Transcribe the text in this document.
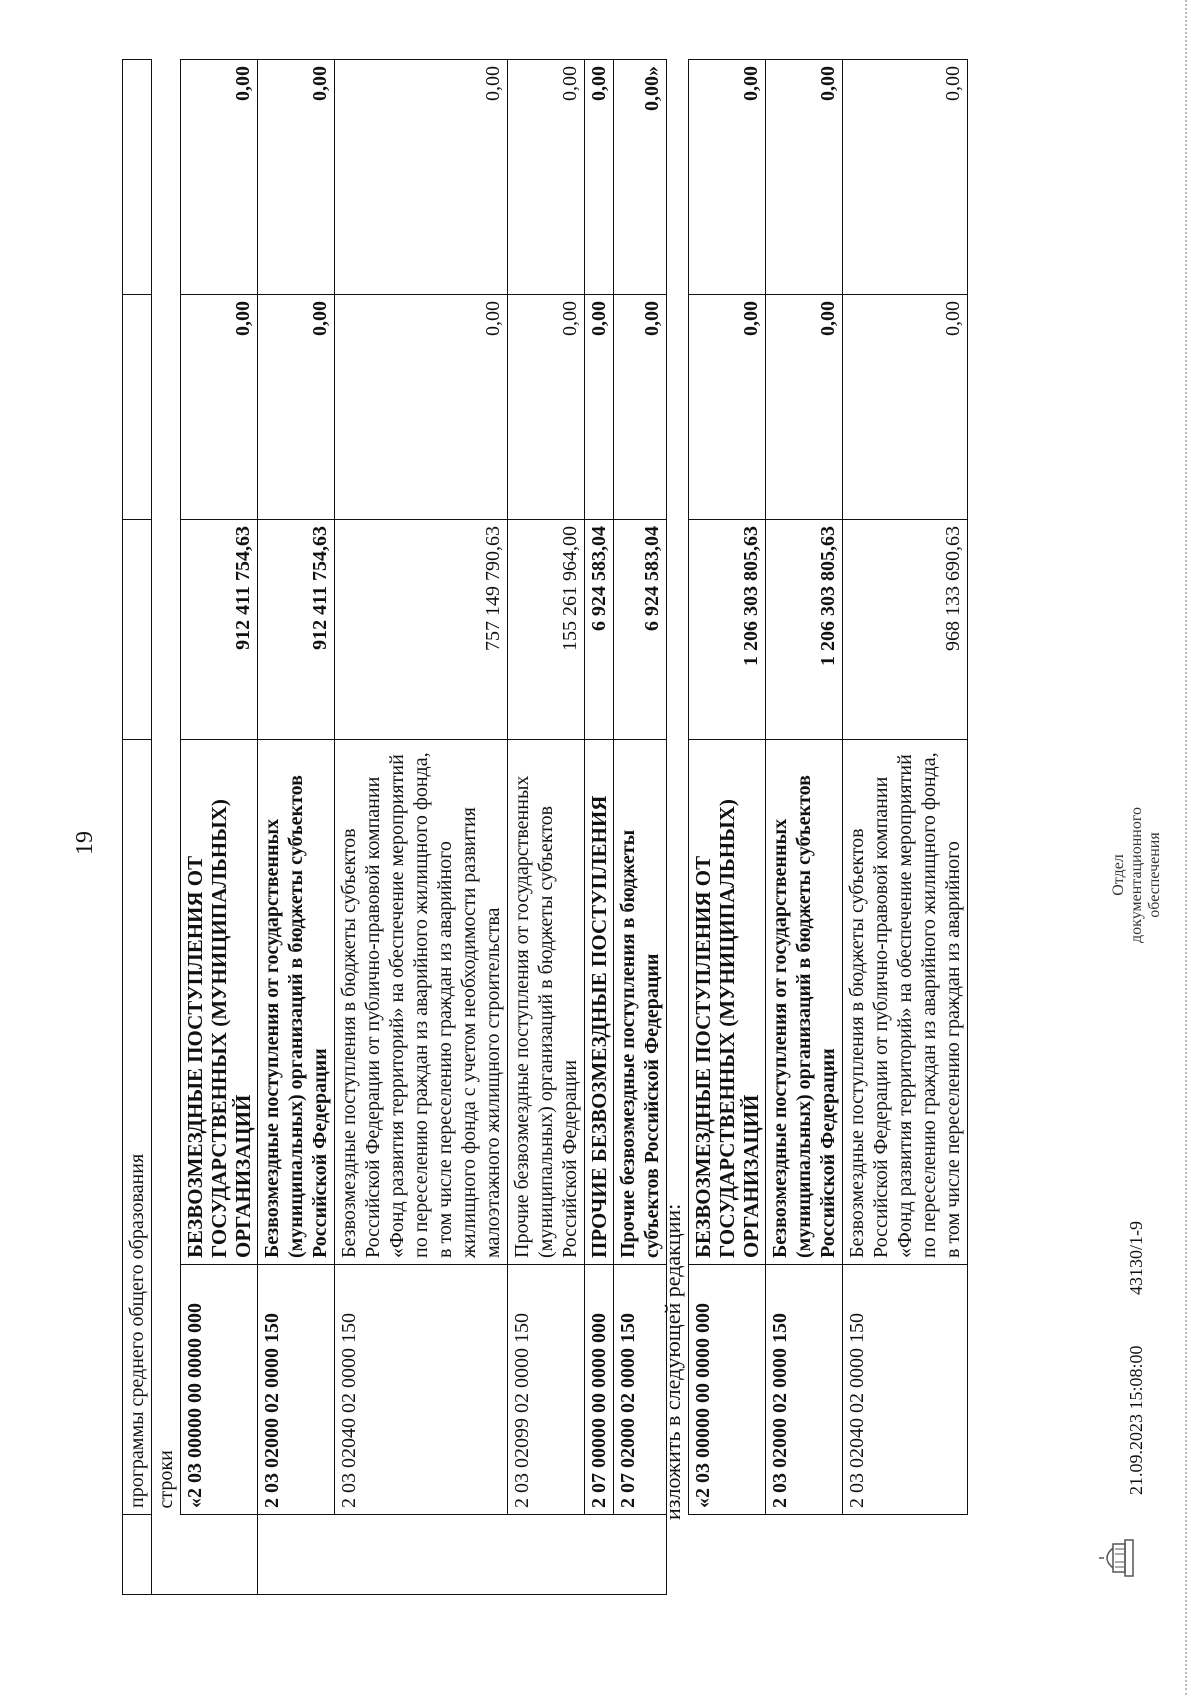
19
	программы среднего общего образования				
	строки				
	«2 03 00000 00 0000 000	БЕЗВОЗМЕЗДНЫЕ ПОСТУПЛЕНИЯ ОТ ГОСУДАРСТВЕННЫХ (МУНИЦИПАЛЬНЫХ) ОРГАНИЗАЦИЙ	912 411 754,63	0,00	0,00
	2 03 02000 02 0000 150	Безвозмездные поступления от государственных (муниципальных) организаций в бюджеты субъектов Российской Федерации	912 411 754,63	0,00	0,00
	2 03 02040 02 0000 150	Безвозмездные поступления в бюджеты субъектов Российской Федерации от публично-правовой компании «Фонд развития территорий» на обеспечение мероприятий по переселению граждан из аварийного жилищного фонда, в том числе переселению граждан из аварийного жилищного фонда с учетом необходимости развития малоэтажного жилищного строительства	757 149 790,63	0,00	0,00
	2 03 02099 02 0000 150	Прочие безвозмездные поступления от государственных (муниципальных) организаций в бюджеты субъектов Российской Федерации	155 261 964,00	0,00	0,00
	2 07 00000 00 0000 000	ПРОЧИЕ БЕЗВОЗМЕЗДНЫЕ ПОСТУПЛЕНИЯ	6 924 583,04	0,00	0,00
	2 07 02000 02 0000 150	Прочие безвозмездные поступления в бюджеты субъектов Российской Федерации	6 924 583,04	0,00	0,00»
изложить в следующей редакции: «2 03 00000 00 0000 000	БЕЗВОЗМЕЗДНЫЕ ПОСТУПЛЕНИЯ ОТ ГОСУДАРСТВЕННЫХ (МУНИЦИПАЛЬНЫХ) ОРГАНИЗАЦИЙ	1 206 303 805,63	0,00	0,00
2 03 02000 02 0000 150	Безвозмездные поступления от государственных (муниципальных) организаций в бюджеты субъектов Российской Федерации	1 206 303 805,63	0,00	0,00
2 03 02040 02 0000 150	Безвозмездные поступления в бюджеты субъектов Российской Федерации от публично-правовой компании «Фонд развития территорий» на обеспечение мероприятий по переселению граждан из аварийного жилищного фонда, в том числе переселению граждан из аварийного	968 133 690,63	0,00	0,00
21.09.2023 15:08:00
43130/1-9
Отдел документационного обеспечения
